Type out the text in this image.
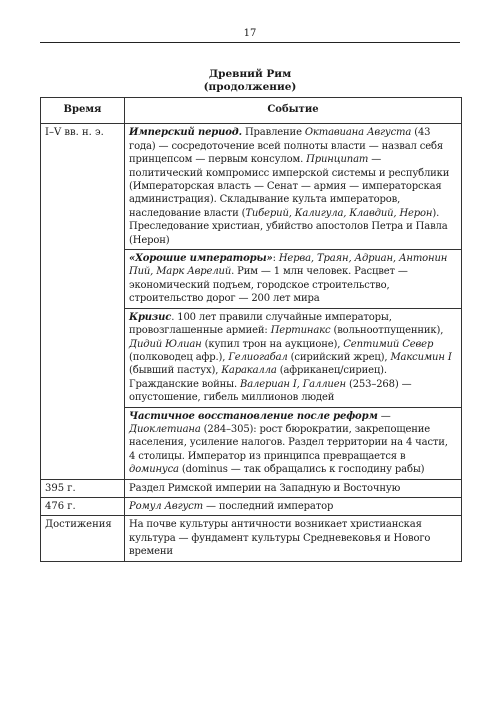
17
Древний Рим
(продолжение)
Время	Событие
I–V вв. н. э.	Имперский период. Правление Октавиана Августа (43 года) — сосредоточение всей полноты власти — назвал себя принцепсом — первым консулом. Принципат — политический компромисс имперской системы и республики (Императорская власть — Сенат — армия — императорская администрация). Складывание культа императоров, наследование власти (Тиберий, Калигула, Клавдий, Нерон). Преследование христиан, убийство апостолов Петра и Павла (Нерон)
	«Хорошие императоры»: Нерва, Траян, Адриан, Антонин Пий, Марк Аврелий. Рим — 1 млн человек. Расцвет — экономический подъем, городское строительство, строительство дорог — 200 лет мира
	Кризис. 100 лет правили случайные императоры, провозглашенные армией: Пертинакс (вольноотпущенник), Дидий Юлиан (купил трон на аукционе), Септимий Север (полководец афр.), Гелиогабал (сирийский жрец), Максимин I (бывший пастух), Каракалла (африканец/сириец). Гражданские войны. Валериан I, Галлиен (253–268) — опустошение, гибель миллионов людей
	Частичное восстановление после реформ — Диоклетиана (284–305): рост бюрократии, закрепощение населения, усиление налогов. Раздел территории на 4 части, 4 столицы. Император из принципса превращается в доминуса (dominus — так обращались к господину рабы)
395 г.	Раздел Римской империи на Западную и Восточную
476 г.	Ромул Август — последний император
Достижения	На почве культуры античности возникает христианская культура — фундамент культуры Средневековья и Нового времени
